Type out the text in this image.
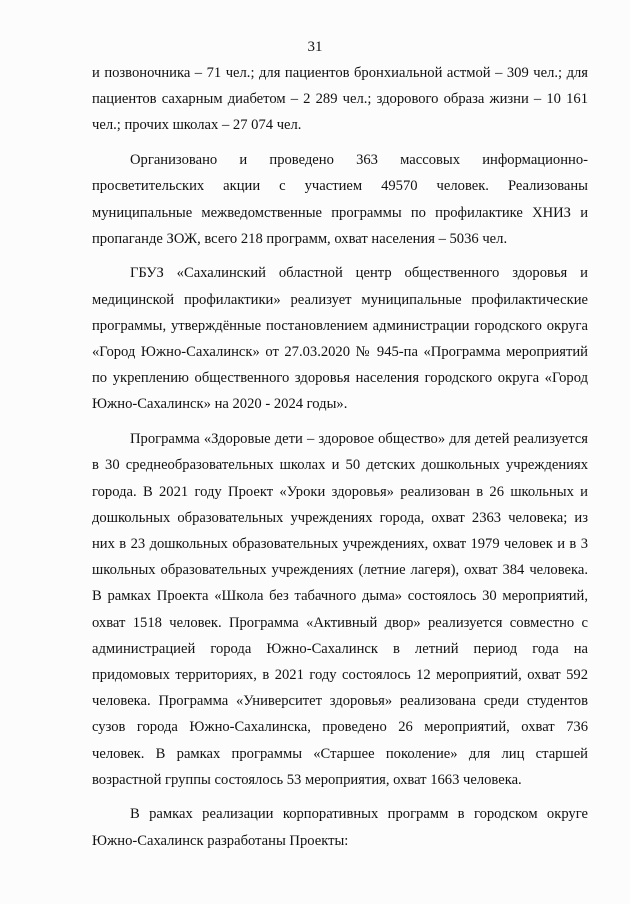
31

и позвоночника – 71 чел.; для пациентов бронхиальной астмой – 309 чел.; для пациентов сахарным диабетом – 2 289 чел.; здорового образа жизни – 10 161 чел.; прочих школах – 27 074 чел.

Организовано и проведено 363 массовых информационно-просветительских акции с участием 49570 человек. Реализованы муниципальные межведомственные программы по профилактике ХНИЗ и пропаганде ЗОЖ, всего 218 программ, охват населения – 5036 чел.

ГБУЗ «Сахалинский областной центр общественного здоровья и медицинской профилактики» реализует муниципальные профилактические программы, утверждённые постановлением администрации городского округа «Город Южно-Сахалинск» от 27.03.2020 № 945-па «Программа мероприятий по укреплению общественного здоровья населения городского округа «Город Южно-Сахалинск» на 2020 - 2024 годы».

Программа «Здоровые дети – здоровое общество» для детей реализуется в 30 среднеобразовательных школах и 50 детских дошкольных учреждениях города. В 2021 году Проект «Уроки здоровья» реализован в 26 школьных и дошкольных образовательных учреждениях города, охват 2363 человека; из них в 23 дошкольных образовательных учреждениях, охват 1979 человек и в 3 школьных образовательных учреждениях (летние лагеря), охват 384 человека. В рамках Проекта «Школа без табачного дыма» состоялось 30 мероприятий, охват 1518 человек. Программа «Активный двор» реализуется совместно с администрацией города Южно-Сахалинск в летний период года на придомовых территориях, в 2021 году состоялось 12 мероприятий, охват 592 человека. Программа «Университет здоровья» реализована среди студентов сузов города Южно-Сахалинска, проведено 26 мероприятий, охват 736 человек. В рамках программы «Старшее поколение» для лиц старшей возрастной группы состоялось 53 мероприятия, охват 1663 человека.

В рамках реализации корпоративных программ в городском округе Южно-Сахалинск разработаны Проекты:
